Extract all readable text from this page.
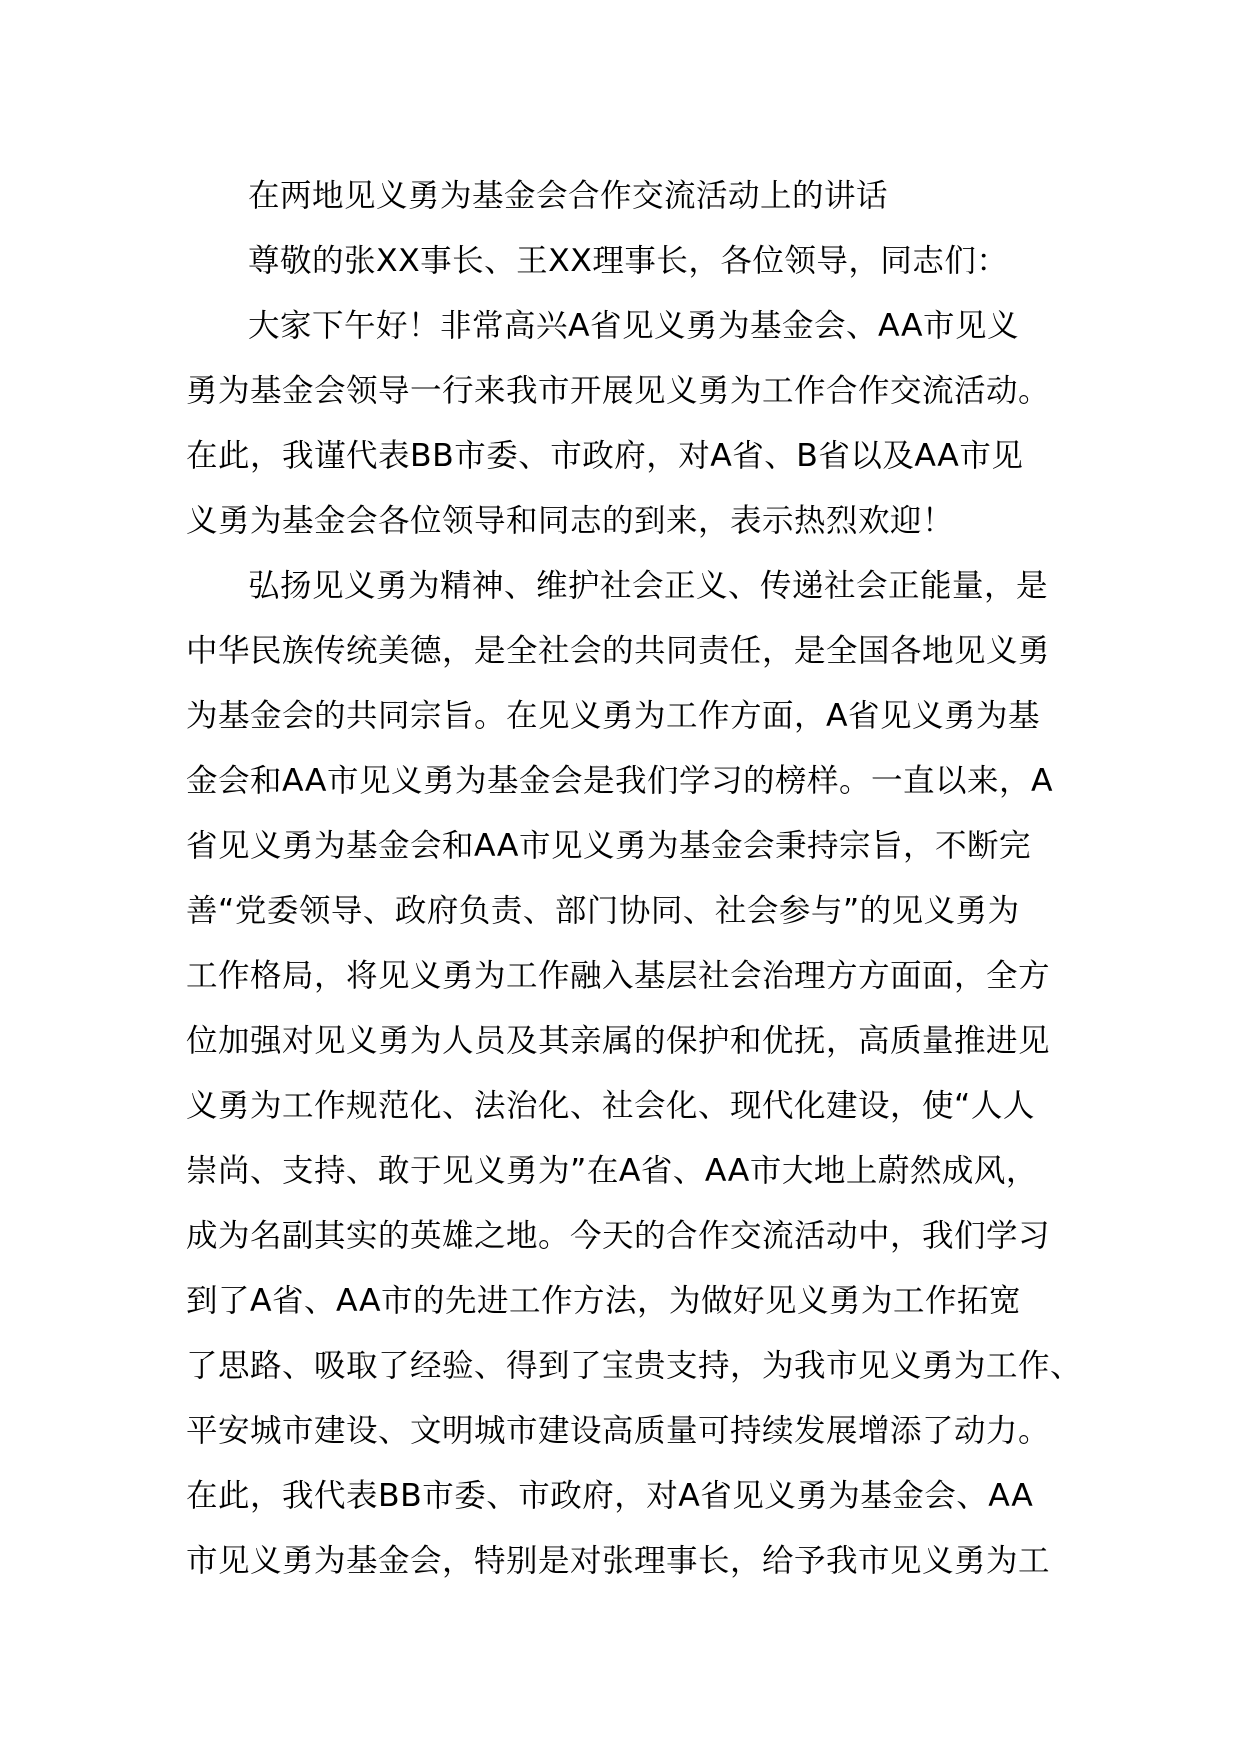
在两地见义勇为基金会合作交流活动上的讲话
尊敬的张XX事长、王XX理事长，各位领导，同志们：
大家下午好！非常高兴A省见义勇为基金会、AA市见义
勇为基金会领导一行来我市开展见义勇为工作合作交流活动。
在此，我谨代表BB市委、市政府，对A省、B省以及AA市见
义勇为基金会各位领导和同志的到来，表示热烈欢迎！
弘扬见义勇为精神、维护社会正义、传递社会正能量，是
中华民族传统美德，是全社会的共同责任，是全国各地见义勇
为基金会的共同宗旨。在见义勇为工作方面，A省见义勇为基
金会和AA市见义勇为基金会是我们学习的榜样。一直以来，A
省见义勇为基金会和AA市见义勇为基金会秉持宗旨，不断完
善“党委领导、政府负责、部门协同、社会参与”的见义勇为
工作格局，将见义勇为工作融入基层社会治理方方面面，全方
位加强对见义勇为人员及其亲属的保护和优抚，高质量推进见
义勇为工作规范化、法治化、社会化、现代化建设，使“人人
崇尚、支持、敢于见义勇为”在A省、AA市大地上蔚然成风，
成为名副其实的英雄之地。今天的合作交流活动中，我们学习
到了A省、AA市的先进工作方法，为做好见义勇为工作拓宽
了思路、吸取了经验、得到了宝贵支持，为我市见义勇为工作、
平安城市建设、文明城市建设高质量可持续发展增添了动力。
在此，我代表BB市委、市政府，对A省见义勇为基金会、AA
市见义勇为基金会，特别是对张理事长，给予我市见义勇为工
